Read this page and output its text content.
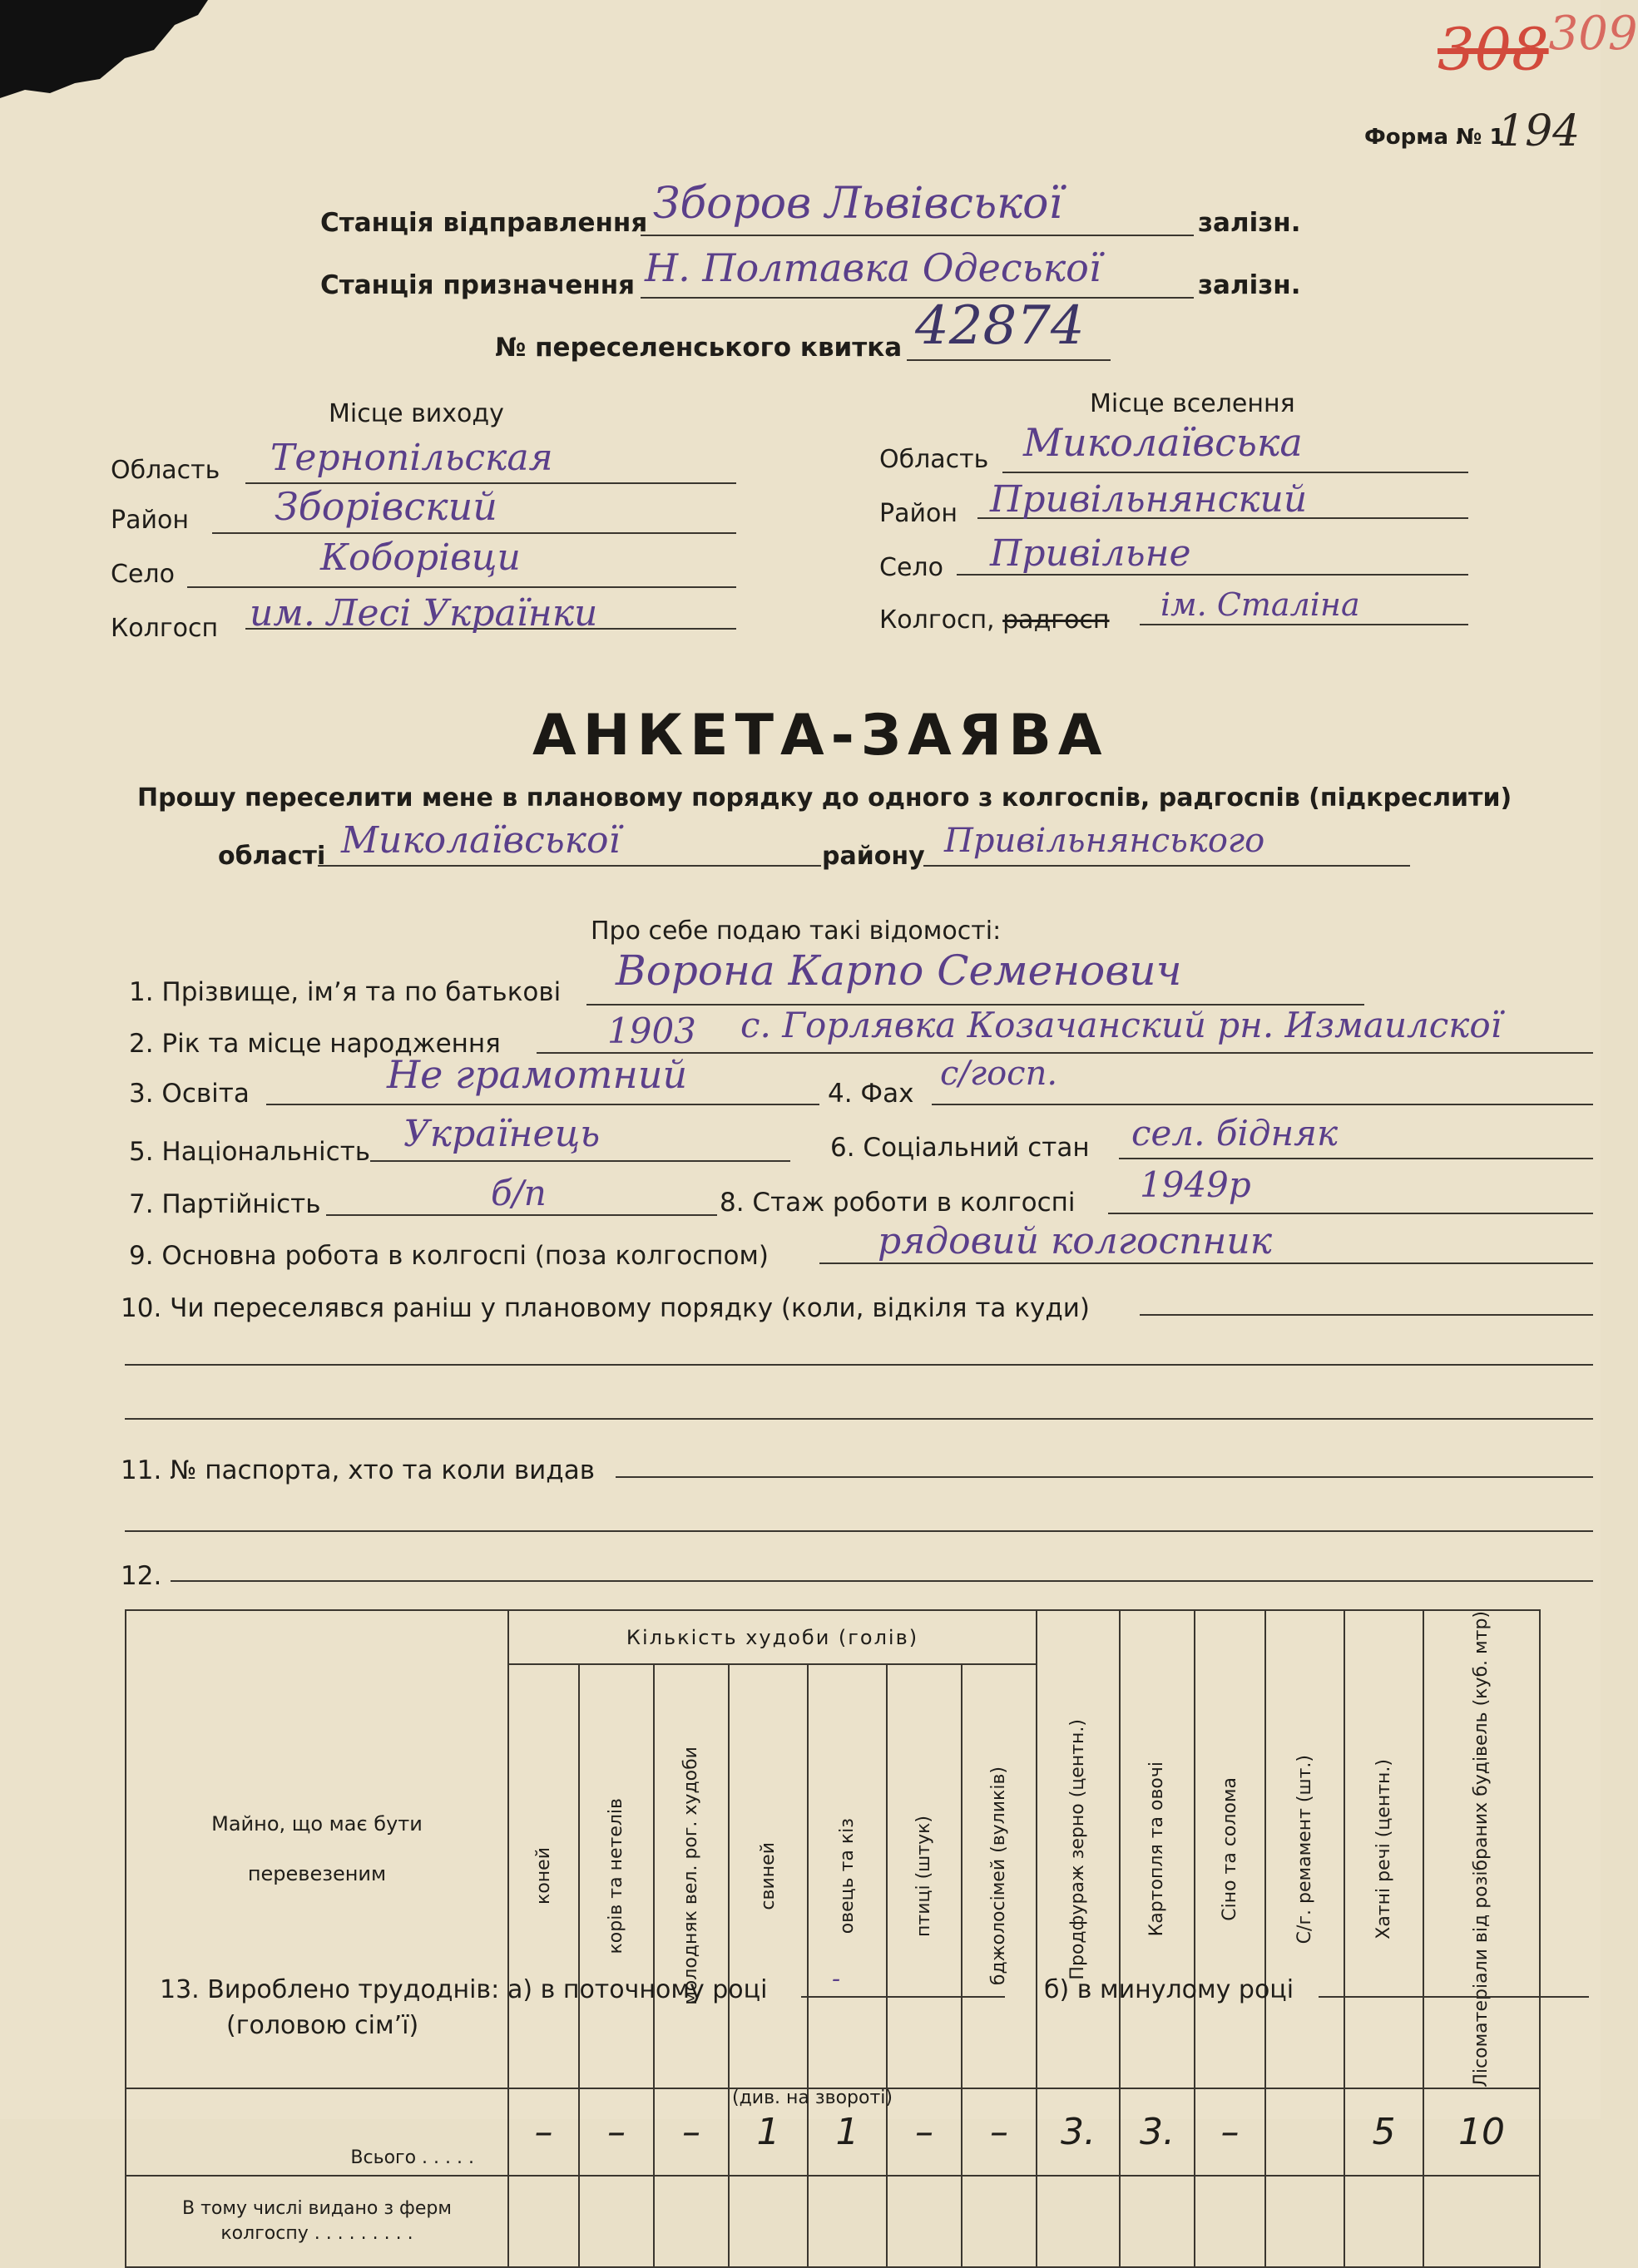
$308^{309}$
Форма № 1
194
Станція відправлення Збoров Львівської	залізн.
Станція призначення Н. Полтавка Одеської	залізн.
№ переселенського квитка 42874
Місце виходу
Область Тернопільская
Район Зборівский
Село	Коборівци
Колгосп им. Лесі Українки
Місце вселення
Область Миколаївська
Район Привільнянский
Село Привільне
Колгосп, радгосп ім. Сталіна
АНКЕТА-ЗАЯВА
Прошу переселити мене в плановому порядку до одного з колгоспів, радгоспів (підкреслити)
області Миколаївської	району Привільнянського
Про себе подаю такі відомості:
1. Прізвище, ім’я та по батькові Ворона Карпо Семенович
2. Рік та місце народження	1903 с. Горлявка Козачанский рн. Измаилскої
3. Освіта	Не грамотний	4. Фах
с/госп.
5. Національність Українець	6. Соціальний стан сел. бідняк
7. Партійність	б/п	8. Стаж роботи в колгоспі 1949р
9. Основна робота в колгоспі (поза колгоспом)	рядовий колгоспник
10. Чи переселявся раніш у плановому порядку (коли, відкіля та куди)
11. № паспорта, хто та коли видав
12.
Майно, що має бути перевезеним	Кількість худоби (голів)							Продфураж зерно (центн.)	Картопля та овочі	Сіно та солома	С/г. ремамент (шт.)	Хатні речі (центн.)	Лісоматеріали від розібраних будівель (куб. мтр)

	коней	корів та нетелів	молодняк вел. рог. худоби	свиней	овець та кіз	птиці (штук)	бджолосімей (вуликів)						

Всього . . . . .	–	–	–	1	1	–	–	3.	3.	–		5	10
В тому числі видано з ферм колгоспу . . . . . . . . .													
13. Вироблено трудоднів:
(головою сім’ї)
а) в поточному році	-	б) в минулому році
(див. на звороті)
